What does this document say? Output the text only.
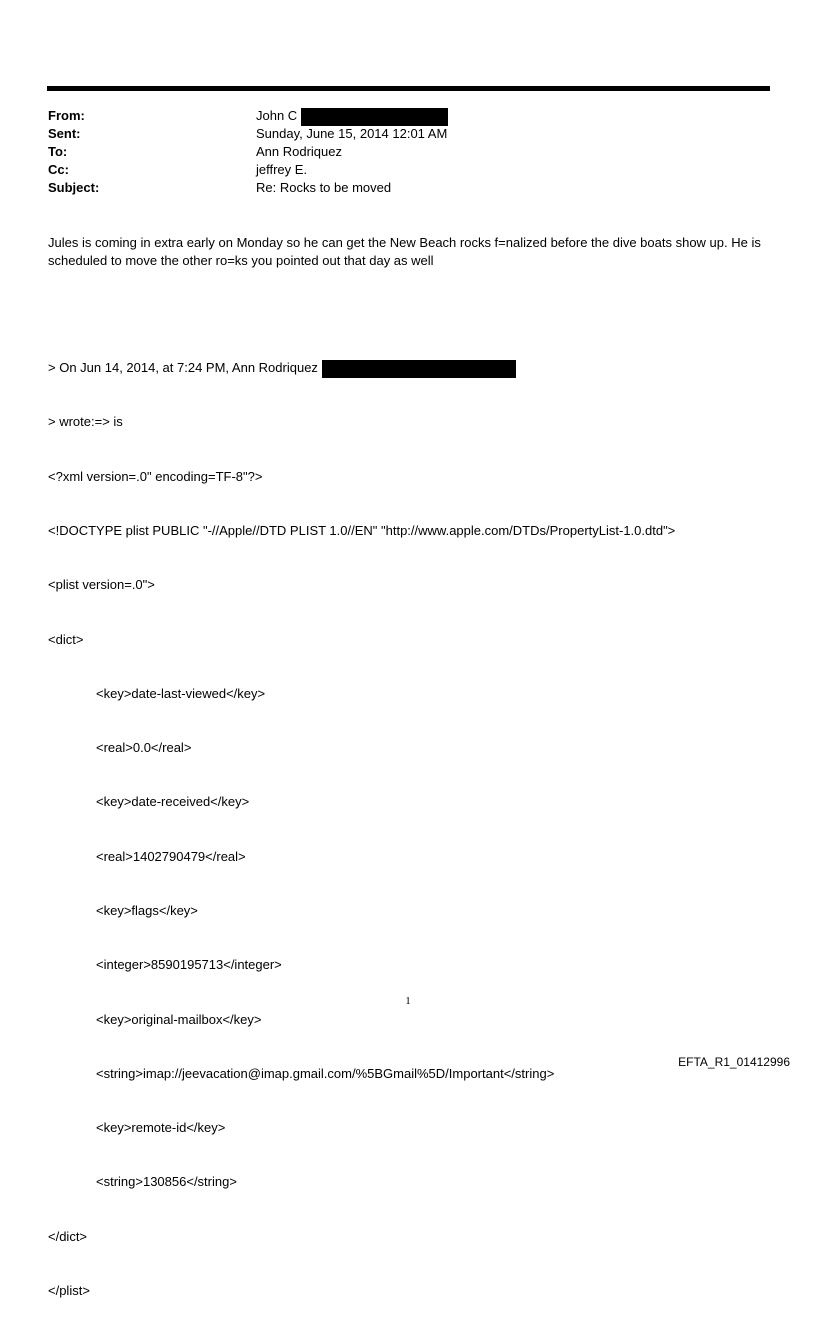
From:	John C
Sent:	Sunday, June 15, 2014 12:01 AM
To:	Ann Rodriquez
Cc:	jeffrey E.
Subject:	Re: Rocks to be moved
Jules is coming in extra early on Monday so he can get the New Beach rocks f=nalized before the dive boats show up. He is scheduled to move the other ro=ks you pointed out that day as well

> On Jun 14, 2014, at 7:24 PM, Ann Rodriquez

> wrote:=> is

<?xml version=.0" encoding=TF-8"?>

<!DOCTYPE plist PUBLIC "-//Apple//DTD PLIST 1.0//EN" "http://www.apple.com/DTDs/PropertyList-1.0.dtd">

<plist version=.0">

<dict>

<key>date-last-viewed</key>

<real>0.0</real>

<key>date-received</key>

<real>1402790479</real>

<key>flags</key>

<integer>8590195713</integer>

<key>original-mailbox</key>

<string>imap://jeevacation@imap.gmail.com/%5BGmail%5D/Important</string>

<key>remote-id</key>

<string>130856</string>

</dict>

</plist>

1
EFTA_R1_01412996
